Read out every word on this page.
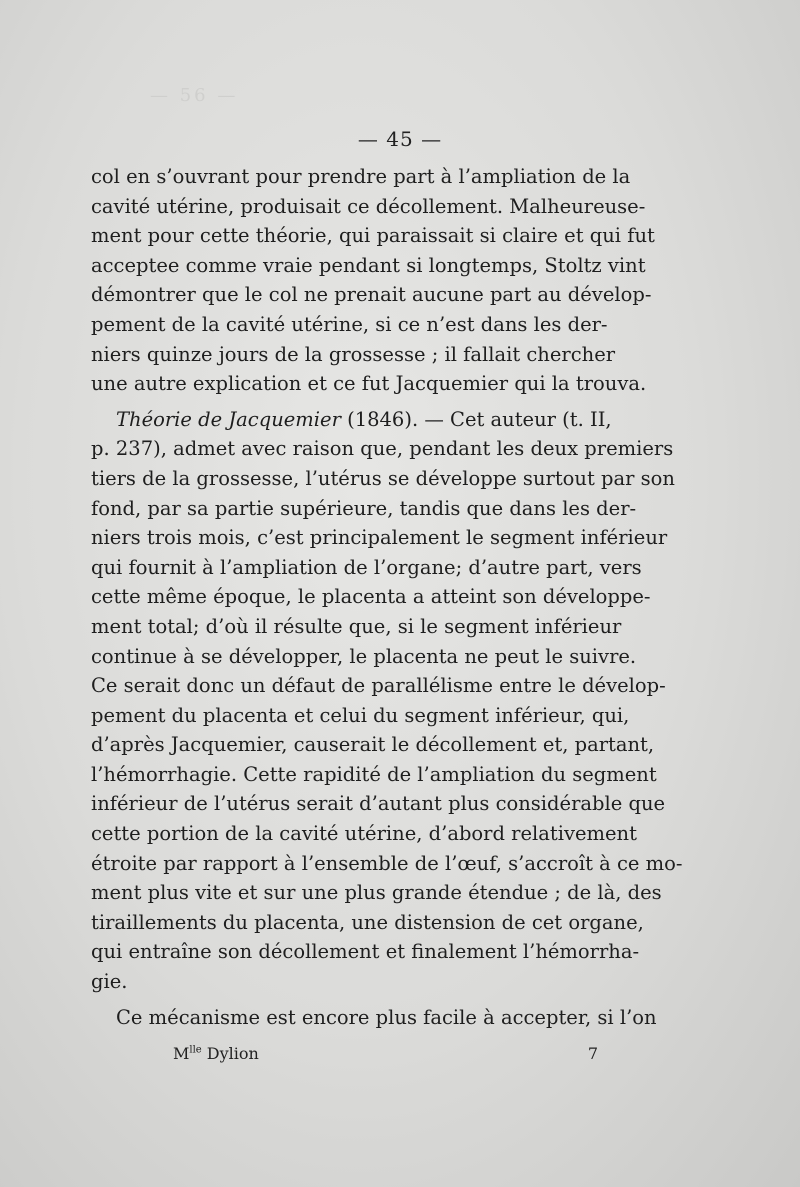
— 56 —
— 45 —
col en s’ouvrant pour prendre part à l’ampliation de la
cavité utérine, produisait ce décollement. Malheureuse-
ment pour cette théorie, qui paraissait si claire et qui fut
acceptee comme vraie pendant si longtemps, Stoltz vint
démontrer que le col ne prenait aucune part au dévelop-
pement de la cavité utérine, si ce n’est dans les der-
niers quinze jours de la grossesse ; il fallait chercher
une autre explication et ce fut Jacquemier qui la trouva.
Théorie de Jacquemier (1846). — Cet auteur (t. II,
p. 237), admet avec raison que, pendant les deux premiers
tiers de la grossesse, l’utérus se développe surtout par son
fond, par sa partie supérieure, tandis que dans les der-
niers trois mois, c’est principalement le segment inférieur
qui fournit à l’ampliation de l’organe; d’autre part, vers
cette même époque, le placenta a atteint son développe-
ment total; d’où il résulte que, si le segment inférieur
continue à se développer, le placenta ne peut le suivre.
Ce serait donc un défaut de parallélisme entre le dévelop-
pement du placenta et celui du segment inférieur, qui,
d’après Jacquemier, causerait le décollement et, partant,
l’hémorrhagie. Cette rapidité de l’ampliation du segment
inférieur de l’utérus serait d’autant plus considérable que
cette portion de la cavité utérine, d’abord relativement
étroite par rapport à l’ensemble de l’œuf, s’accroît à ce mo-
ment plus vite et sur une plus grande étendue ; de là, des
tiraillements du placenta, une distension de cet organe,
qui entraîne son décollement et finalement l’hémorrha-
gie.
Ce mécanisme est encore plus facile à accepter, si l’on
$M^{lle}$ Dylion	7
